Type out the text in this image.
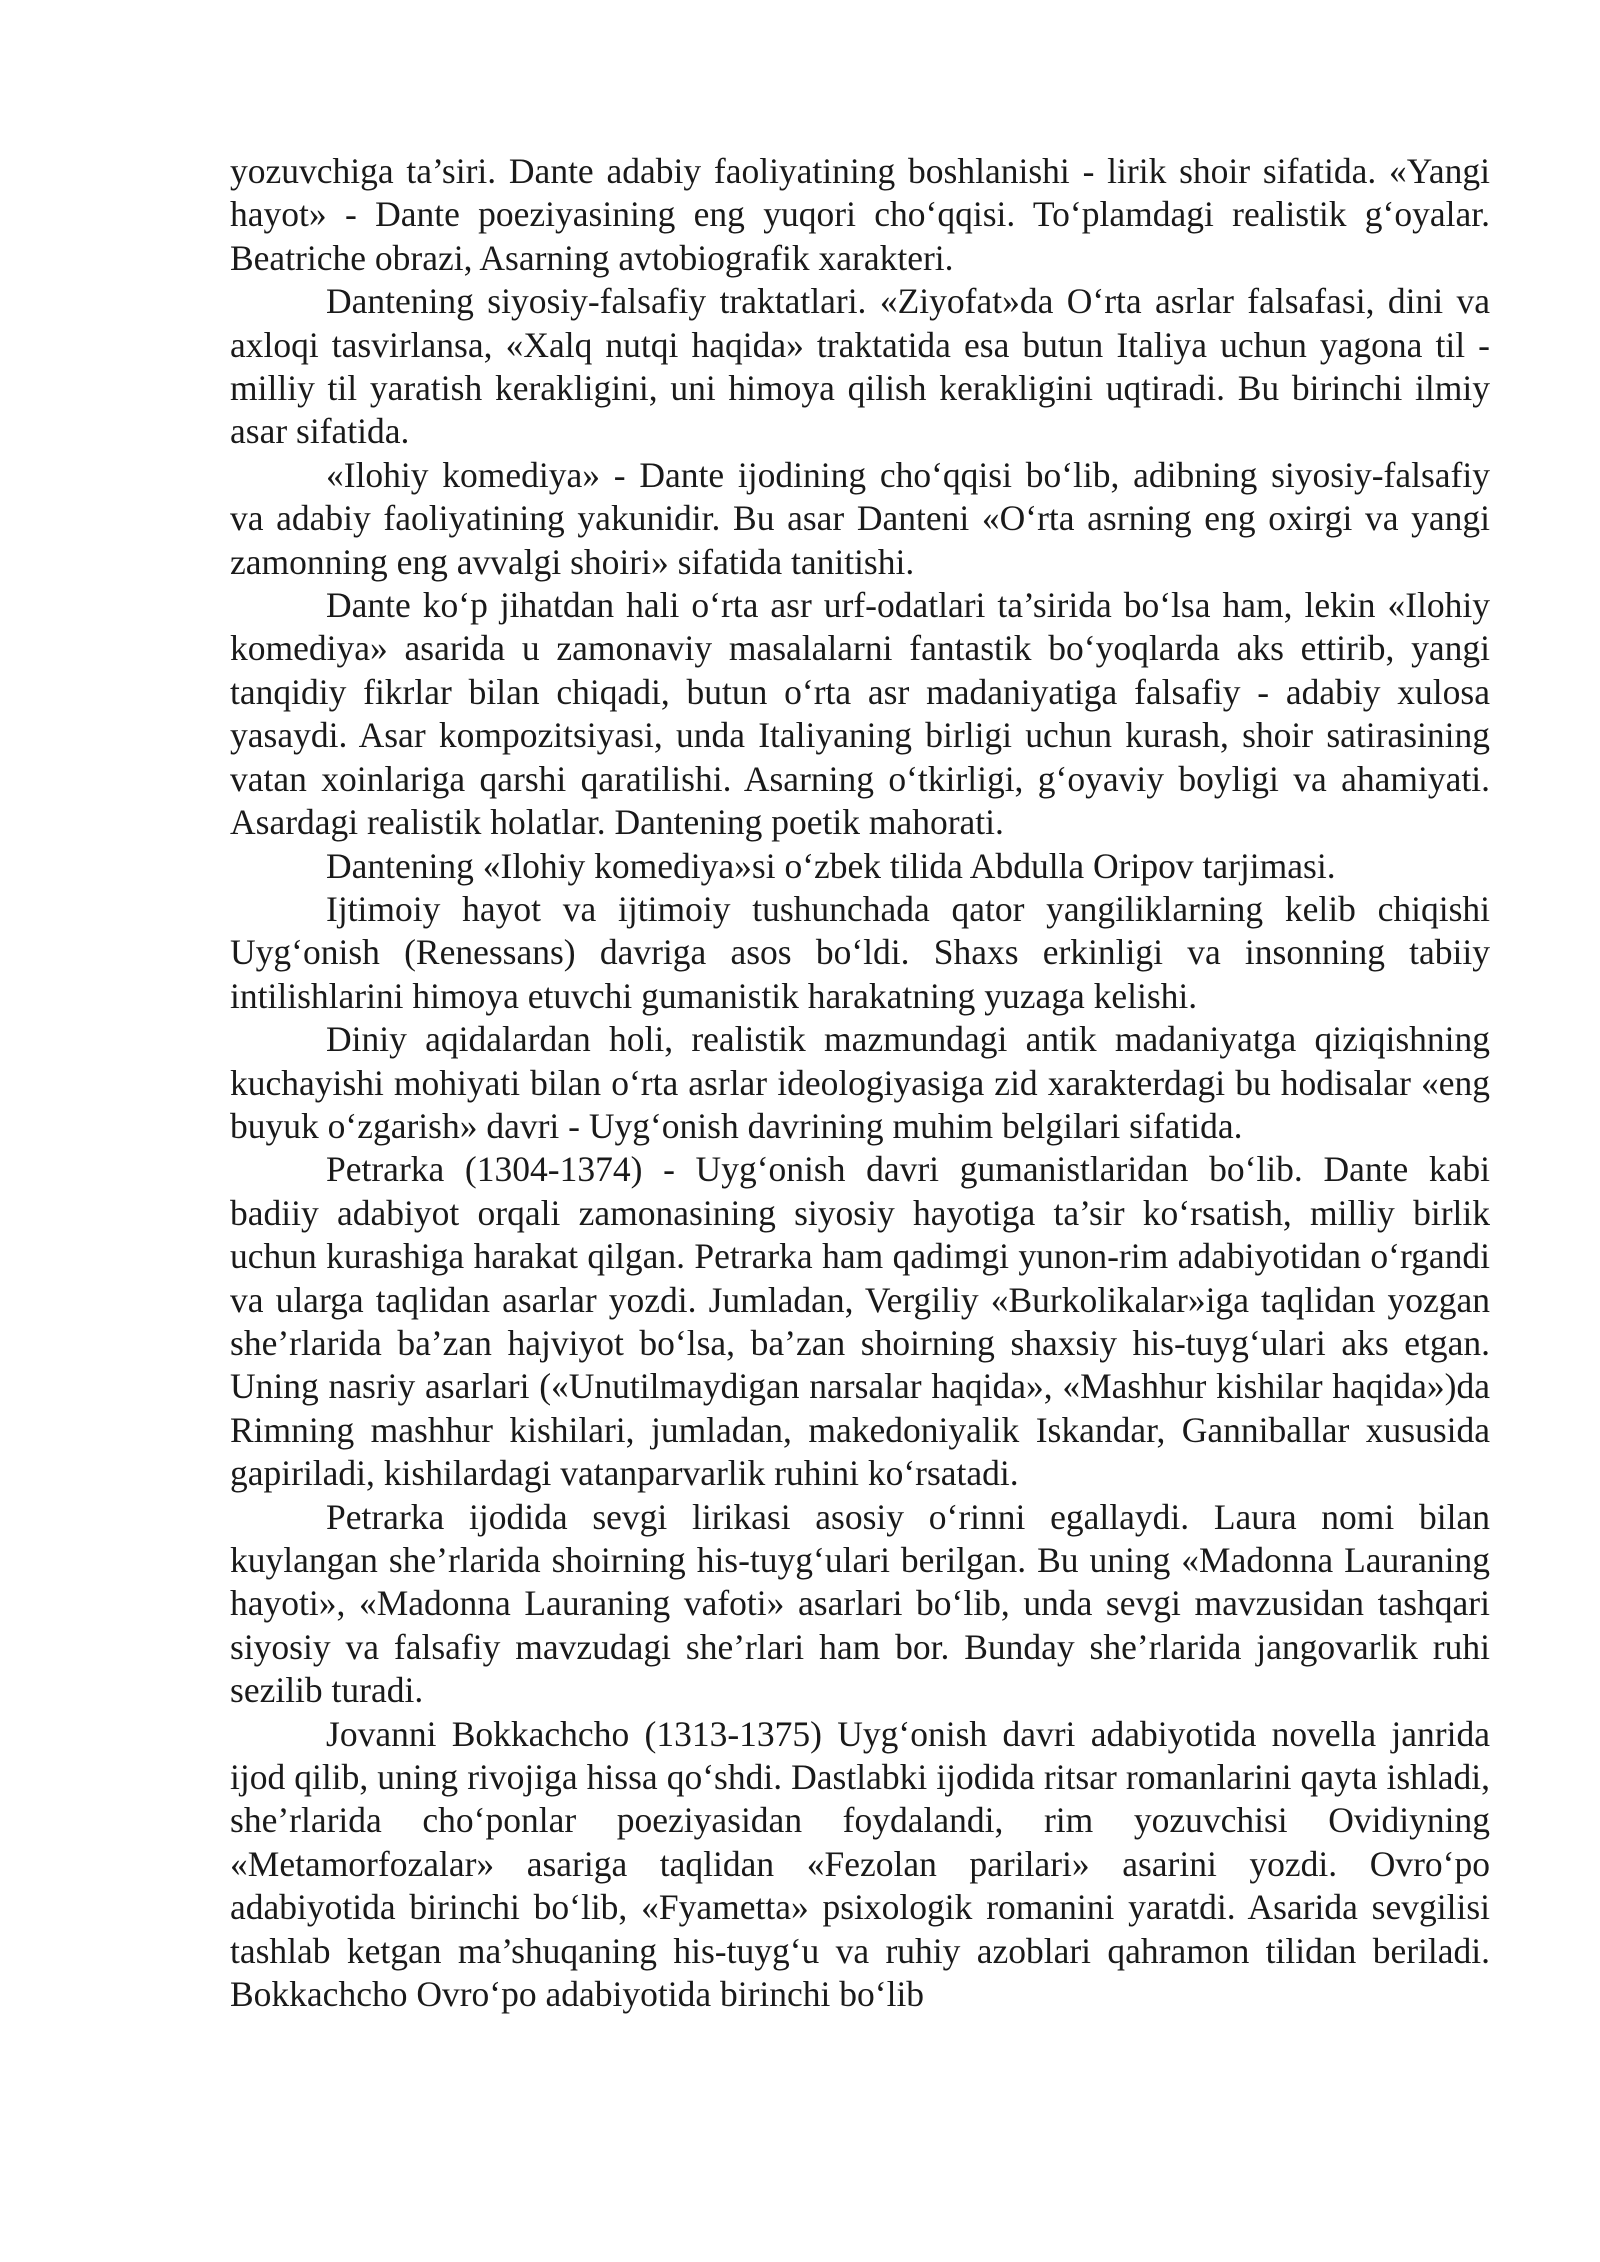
yozuvchiga ta’siri. Dante adabiy faoliyatining boshlanishi - lirik shoir sifatida. «Yangi hayot» - Dante poeziyasining eng yuqori cho‘qqisi. To‘plamdagi realistik g‘oyalar. Beatriche obrazi, Asarning avtobiografik xarakteri.

Dantening siyosiy-falsafiy traktatlari. «Ziyofat»da O‘rta asrlar falsafasi, dini va axloqi tasvirlansa, «Xalq nutqi haqida» traktatida esa butun Italiya uchun yagona til - milliy til yaratish kerakligini, uni himoya qilish kerakligini uqtiradi. Bu birinchi ilmiy asar sifatida.

«Ilohiy komediya» - Dante ijodining cho‘qqisi bo‘lib, adibning siyosiy-falsafiy va adabiy faoliyatining yakunidir. Bu asar Danteni «O‘rta asrning eng oxirgi va yangi zamonning eng avvalgi shoiri» sifatida tanitishi.

Dante ko‘p jihatdan hali o‘rta asr urf-odatlari ta’sirida bo‘lsa ham, lekin «Ilohiy komediya» asarida u zamonaviy masalalarni fantastik bo‘yoqlarda aks ettirib, yangi tanqidiy fikrlar bilan chiqadi, butun o‘rta asr madaniyatiga falsafiy - adabiy xulosa yasaydi. Asar kompozitsiyasi, unda Italiyaning birligi uchun kurash, shoir satirasining vatan xoinlariga qarshi qaratilishi. Asarning o‘tkirligi, g‘oyaviy boyligi va ahamiyati. Asardagi realistik holatlar. Dantening poetik mahorati.

Dantening «Ilohiy komediya»si o‘zbek tilida Abdulla Oripov tarjimasi.

Ijtimoiy hayot va ijtimoiy tushunchada qator yangiliklarning kelib chiqishi Uyg‘onish (Renessans) davriga asos bo‘ldi. Shaxs erkinligi va insonning tabiiy intilishlarini himoya etuvchi gumanistik harakatning yuzaga kelishi.

Diniy aqidalardan holi, realistik mazmundagi antik madaniyatga qiziqishning kuchayishi mohiyati bilan o‘rta asrlar ideologiyasiga zid xarakterdagi bu hodisalar «eng buyuk o‘zgarish» davri - Uyg‘onish davrining muhim belgilari sifatida.

Petrarka (1304-1374) - Uyg‘onish davri gumanistlaridan bo‘lib. Dante kabi badiiy adabiyot orqali zamonasining siyosiy hayotiga ta’sir ko‘rsatish, milliy birlik uchun kurashiga harakat qilgan. Petrarka ham qadimgi yunon-rim adabiyotidan o‘rgandi va ularga taqlidan asarlar yozdi. Jumladan, Vergiliy «Burkolikalar»iga taqlidan yozgan she’rlarida ba’zan hajviyot bo‘lsa, ba’zan shoirning shaxsiy his-tuyg‘ulari aks etgan. Uning nasriy asarlari («Unutilmaydigan narsalar haqida», «Mashhur kishilar haqida»)da Rimning mashhur kishilari, jumladan, makedoniyalik Iskandar, Ganniballar xususida gapiriladi, kishilardagi vatanparvarlik ruhini ko‘rsatadi.

Petrarka ijodida sevgi lirikasi asosiy o‘rinni egallaydi. Laura nomi bilan kuylangan she’rlarida shoirning his-tuyg‘ulari berilgan. Bu uning «Madonna Lauraning hayoti», «Madonna Lauraning vafoti» asarlari bo‘lib, unda sevgi mavzusidan tashqari siyosiy va falsafiy mavzudagi she’rlari ham bor. Bunday she’rlarida jangovarlik ruhi sezilib turadi.

Jovanni Bokkachcho (1313-1375) Uyg‘onish davri adabiyotida novella janrida ijod qilib, uning rivojiga hissa qo‘shdi. Dastlabki ijodida ritsar romanlarini qayta ishladi, she’rlarida cho‘ponlar poeziyasidan foydalandi, rim yozuvchisi Ovidiyning «Metamorfozalar» asariga taqlidan «Fezolan parilari» asarini yozdi. Ovro‘po adabiyotida birinchi bo‘lib, «Fyametta» psixologik romanini yaratdi. Asarida sevgilisi tashlab ketgan ma’shuqaning his-tuyg‘u va ruhiy azoblari qahramon tilidan beriladi. Bokkachcho Ovro‘po adabiyotida birinchi bo‘lib
